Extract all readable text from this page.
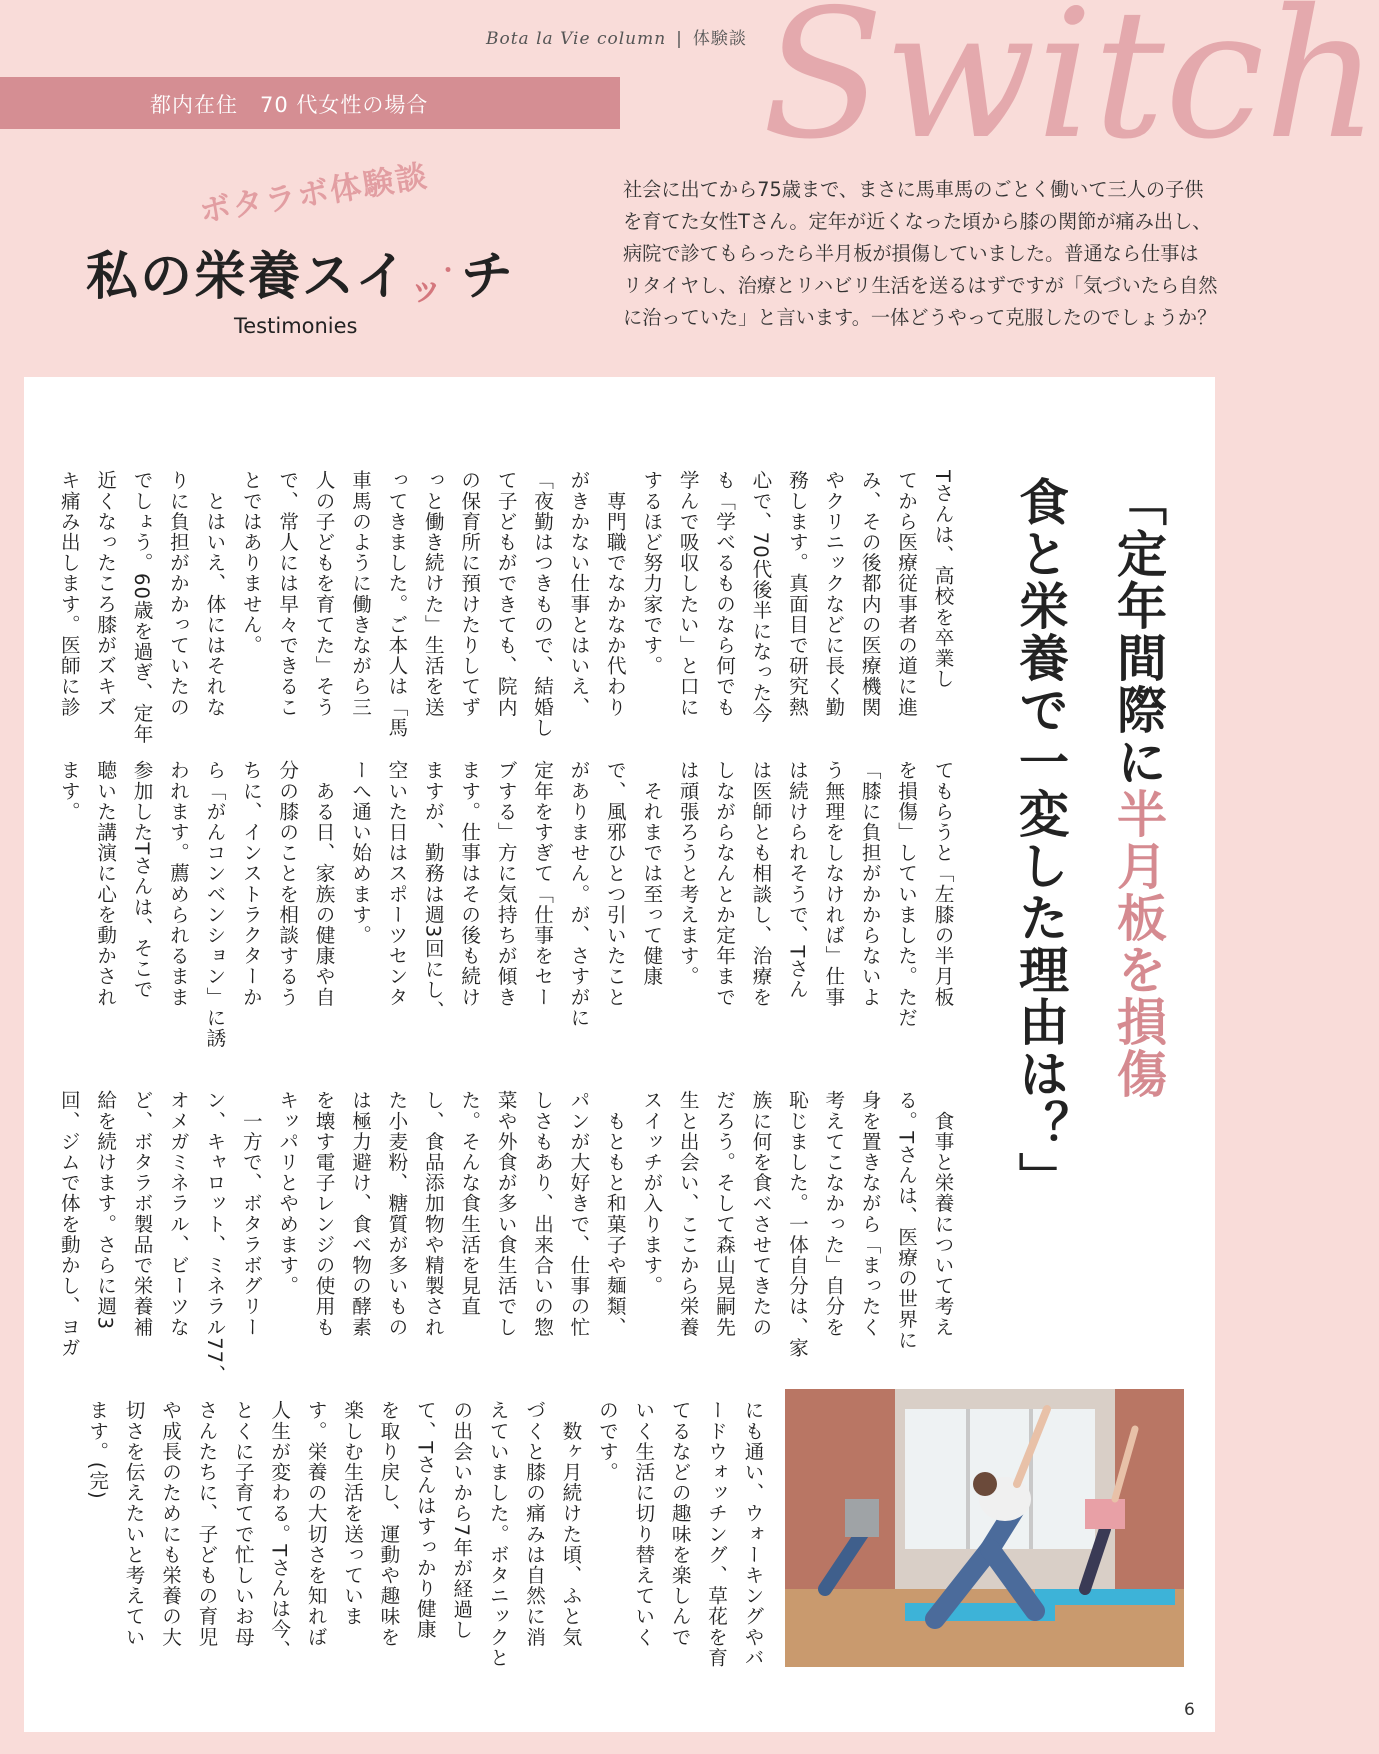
Bota la Vie column | 体験談 Switch
都内在住　70 代女性の場合
ボタラボ体験談
私の栄養スイッ・チ
Testimonies
社会に出てから75歳まで、まさに馬車馬のごとく働いて三人の子供
を育てた女性Tさん。定年が近くなった頃から膝の関節が痛み出し、
病院で診てもらったら半月板が損傷していました。普通なら仕事は
リタイヤし、治療とリハビリ生活を送るはずですが「気づいたら自然
に治っていた」と言います。一体どうやって克服したのでしょうか？
「定年間際に半月板を損傷
食と栄養で一変した理由は？」
Tさんは、高校を卒業し
てから医療従事者の道に進
み、その後都内の医療機関
やクリニックなどに長く勤
務します。真面目で研究熱
心で、70代後半になった今
も「学べるものなら何でも
学んで吸収したい」と口に
するほど努力家です。
　専門職でなかなか代わり
がきかない仕事とはいえ、
「夜勤はつきもので、結婚し
て子どもができても、院内
の保育所に預けたりしてず
っと働き続けた」生活を送
ってきました。ご本人は「馬
車馬のように働きながら三
人の子どもを育てた」そう
で、常人には早々できるこ
とではありません。
　とはいえ、体にはそれな
りに負担がかかっていたの
でしょう。60歳を過ぎ、定年
近くなったころ膝がズキズ
キ痛み出します。医師に診
てもらうと「左膝の半月板
を損傷」していました。ただ
「膝に負担がかからないよ
う無理をしなければ」仕事
は続けられそうで、Tさん
は医師とも相談し、治療を
しながらなんとか定年まで
は頑張ろうと考えます。
　それまでは至って健康
で、風邪ひとつ引いたこと
がありません。が、さすがに
定年をすぎて「仕事をセー
ブする」方に気持ちが傾き
ます。仕事はその後も続け
ますが、勤務は週3回にし、
空いた日はスポーツセンタ
ーへ通い始めます。
　ある日、家族の健康や自
分の膝のことを相談するう
ちに、インストラクターか
ら「がんコンベンション」に誘
われます。薦められるまま
参加したTさんは、そこで
聴いた講演に心を動かされ
ます。
　食事と栄養について考え
る。Tさんは、医療の世界に
身を置きながら「まったく
考えてこなかった」自分を
恥じました。一体自分は、家
族に何を食べさせてきたの
だろう。そして森山晃嗣先
生と出会い、ここから栄養
スイッチが入ります。
　もともと和菓子や麺類、
パンが大好きで、仕事の忙
しさもあり、出来合いの惣
菜や外食が多い食生活でし
た。そんな食生活を見直
し、食品添加物や精製され
た小麦粉、糖質が多いもの
は極力避け、食べ物の酵素
を壊す電子レンジの使用も
キッパリとやめます。
　一方で、ボタラボグリー
ン、キャロット、ミネラル77、
オメガミネラル、ビーツな
ど、ボタラボ製品で栄養補
給を続けます。さらに週3
回、ジムで体を動かし、ヨガ
にも通い、ウォーキングやバ
ードウォッチング、草花を育
てるなどの趣味を楽しんで
いく生活に切り替えていく
のです。
　数ヶ月続けた頃、ふと気
づくと膝の痛みは自然に消
えていました。ボタニックと
の出会いから7年が経過し
て、Tさんはすっかり健康
を取り戻し、運動や趣味を
楽しむ生活を送っていま
す。栄養の大切さを知れば
人生が変わる。Tさんは今、
とくに子育てで忙しいお母
さんたちに、子どもの育児
や成長のためにも栄養の大
切さを伝えたいと考えてい
ます。(完)
6
